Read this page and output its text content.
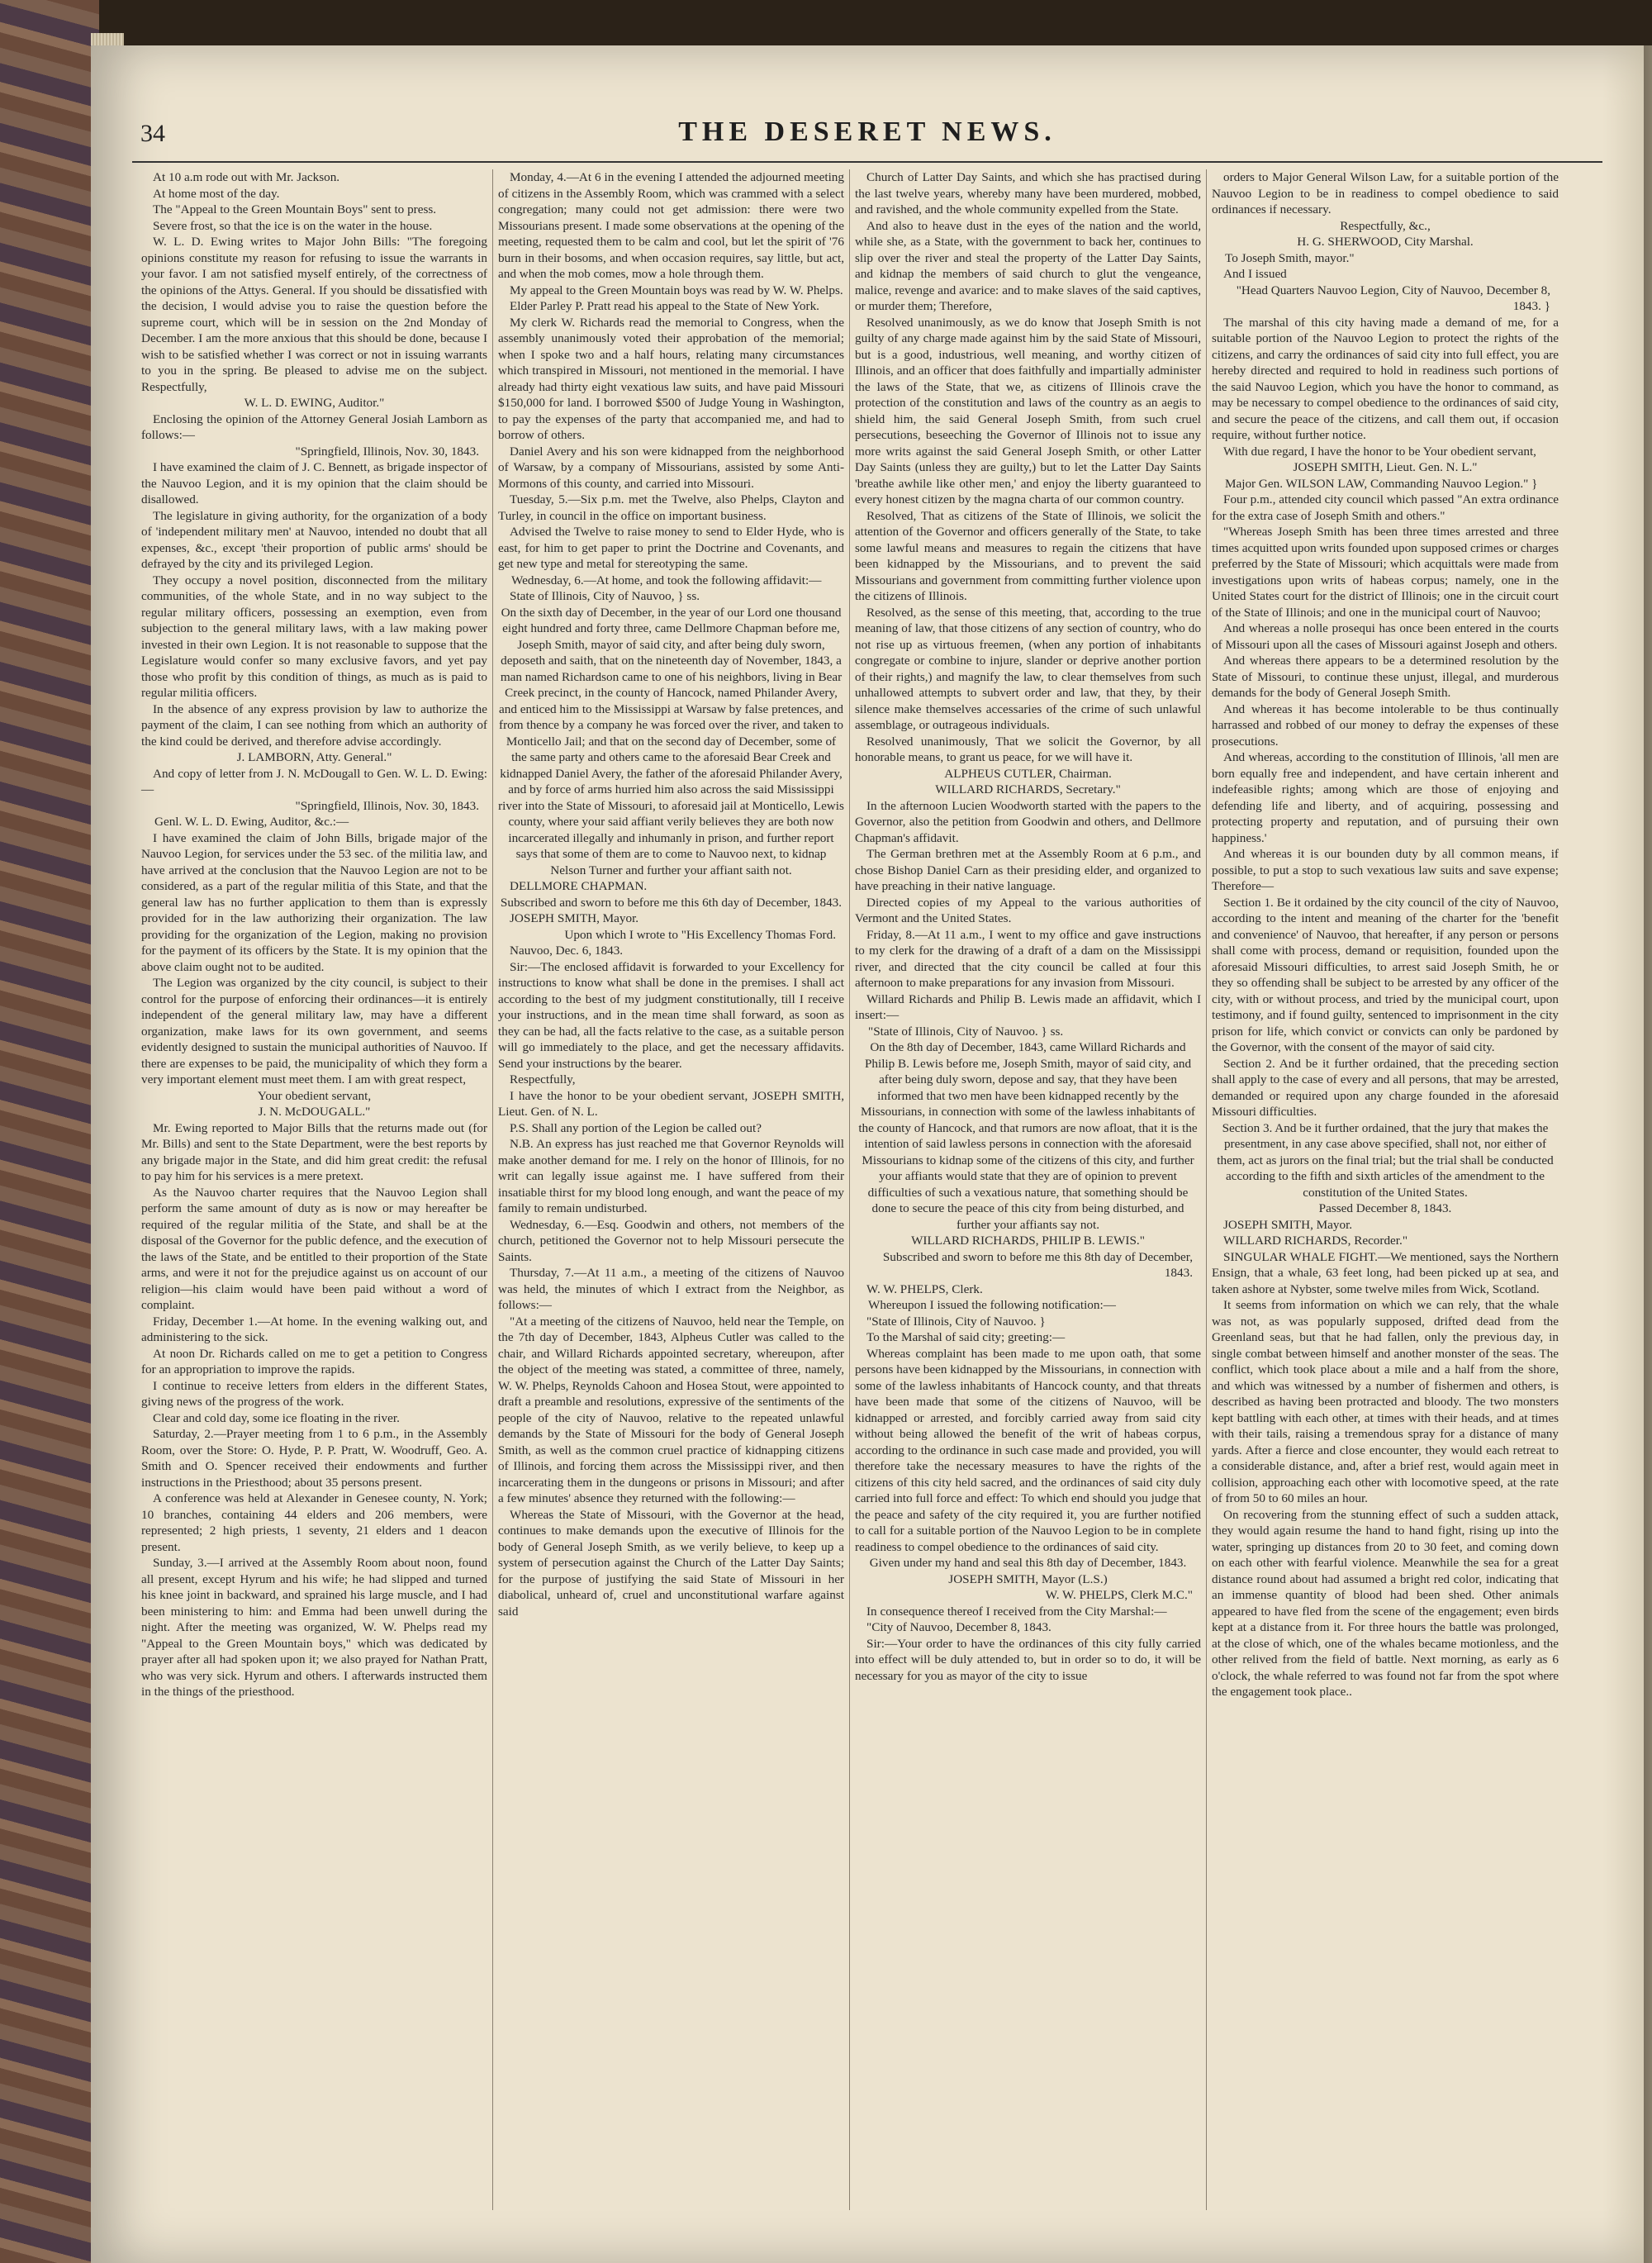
34	THE DESERET NEWS.

At 10 a.m rode out with Mr. Jackson.

At home most of the day.

The "Appeal to the Green Mountain Boys" sent to press.

Severe frost, so that the ice is on the water in the house.

W. L. D. Ewing writes to Major John Bills: "The foregoing opinions constitute my reason for refusing to issue the warrants in your favor. I am not satisfied myself entirely, of the correctness of the opinions of the Attys. General. If you should be dissatisfied with the decision, I would advise you to raise the question before the supreme court, which will be in session on the 2nd Monday of December. I am the more anxious that this should be done, because I wish to be satisfied whether I was correct or not in issuing warrants to you in the spring. Be pleased to advise me on the subject. Respectfully,

W. L. D. EWING, Auditor."

Enclosing the opinion of the Attorney General Josiah Lamborn as follows:—

"Springfield, Illinois, Nov. 30, 1843.

I have examined the claim of J. C. Bennett, as brigade inspector of the Nauvoo Legion, and it is my opinion that the claim should be disallowed.

The legislature in giving authority, for the organization of a body of 'independent military men' at Nauvoo, intended no doubt that all expenses, &c., except 'their proportion of public arms' should be defrayed by the city and its privileged Legion.

They occupy a novel position, disconnected from the military communities, of the whole State, and in no way subject to the regular military officers, possessing an exemption, even from subjection to the general military laws, with a law making power invested in their own Legion. It is not reasonable to suppose that the Legislature would confer so many exclusive favors, and yet pay those who profit by this condition of things, as much as is paid to regular militia officers.

In the absence of any express provision by law to authorize the payment of the claim, I can see nothing from which an authority of the kind could be derived, and therefore advise accordingly.

J. LAMBORN, Atty. General."

And copy of letter from J. N. McDougall to Gen. W. L. D. Ewing:—

"Springfield, Illinois, Nov. 30, 1843.

Genl. W. L. D. Ewing, Auditor, &c.:—

I have examined the claim of John Bills, brigade major of the Nauvoo Legion, for services under the 53 sec. of the militia law, and have arrived at the conclusion that the Nauvoo Legion are not to be considered, as a part of the regular militia of this State, and that the general law has no further application to them than is expressly provided for in the law authorizing their organization. The law providing for the organization of the Legion, making no provision for the payment of its officers by the State. It is my opinion that the above claim ought not to be audited.

The Legion was organized by the city council, is subject to their control for the purpose of enforcing their ordinances—it is entirely independent of the general military law, may have a different organization, make laws for its own government, and seems evidently designed to sustain the municipal authorities of Nauvoo. If there are expenses to be paid, the municipality of which they form a very important element must meet them. I am with great respect,

Your obedient servant,

J. N. McDOUGALL."

Mr. Ewing reported to Major Bills that the returns made out (for Mr. Bills) and sent to the State Department, were the best reports by any brigade major in the State, and did him great credit: the refusal to pay him for his services is a mere pretext.

As the Nauvoo charter requires that the Nauvoo Legion shall perform the same amount of duty as is now or may hereafter be required of the regular militia of the State, and shall be at the disposal of the Governor for the public defence, and the execution of the laws of the State, and be entitled to their proportion of the State arms, and were it not for the prejudice against us on account of our religion—his claim would have been paid without a word of complaint.

Friday, December 1.—At home. In the evening walking out, and administering to the sick.

At noon Dr. Richards called on me to get a petition to Congress for an appropriation to improve the rapids.

I continue to receive letters from elders in the different States, giving news of the progress of the work.

Clear and cold day, some ice floating in the river.

Saturday, 2.—Prayer meeting from 1 to 6 p.m., in the Assembly Room, over the Store: O. Hyde, P. P. Pratt, W. Woodruff, Geo. A. Smith and O. Spencer received their endowments and further instructions in the Priesthood; about 35 persons present.

A conference was held at Alexander in Genesee county, N. York; 10 branches, containing 44 elders and 206 members, were represented; 2 high priests, 1 seventy, 21 elders and 1 deacon present.

Sunday, 3.—I arrived at the Assembly Room about noon, found all present, except Hyrum and his wife; he had slipped and turned his knee joint in backward, and sprained his large muscle, and I had been ministering to him: and Emma had been unwell during the night. After the meeting was organized, W. W. Phelps read my "Appeal to the Green Mountain boys," which was dedicated by prayer after all had spoken upon it; we also prayed for Nathan Pratt, who was very sick. Hyrum and others. I afterwards instructed them in the things of the priesthood.

Monday, 4.—At 6 in the evening I attended the adjourned meeting of citizens in the Assembly Room, which was crammed with a select congregation; many could not get admission: there were two Missourians present. I made some observations at the opening of the meeting, requested them to be calm and cool, but let the spirit of '76 burn in their bosoms, and when occasion requires, say little, but act, and when the mob comes, mow a hole through them.

My appeal to the Green Mountain boys was read by W. W. Phelps.

Elder Parley P. Pratt read his appeal to the State of New York.

My clerk W. Richards read the memorial to Congress, when the assembly unanimously voted their approbation of the memorial; when I spoke two and a half hours, relating many circumstances which transpired in Missouri, not mentioned in the memorial. I have already had thirty eight vexatious law suits, and have paid Missouri $150,000 for land. I borrowed $500 of Judge Young in Washington, to pay the expenses of the party that accompanied me, and had to borrow of others.

Daniel Avery and his son were kidnapped from the neighborhood of Warsaw, by a company of Missourians, assisted by some Anti-Mormons of this county, and carried into Missouri.

Tuesday, 5.—Six p.m. met the Twelve, also Phelps, Clayton and Turley, in council in the office on important business.

Advised the Twelve to raise money to send to Elder Hyde, who is east, for him to get paper to print the Doctrine and Covenants, and get new type and metal for stereotyping the same.

Wednesday, 6.—At home, and took the following affidavit:—

State of Illinois, City of Nauvoo, } ss.

On the sixth day of December, in the year of our Lord one thousand eight hundred and forty three, came Dellmore Chapman before me, Joseph Smith, mayor of said city, and after being duly sworn, deposeth and saith, that on the nineteenth day of November, 1843, a man named Richardson came to one of his neighbors, living in Bear Creek precinct, in the county of Hancock, named Philander Avery, and enticed him to the Mississippi at Warsaw by false pretences, and from thence by a company he was forced over the river, and taken to Monticello Jail; and that on the second day of December, some of the same party and others came to the aforesaid Bear Creek and kidnapped Daniel Avery, the father of the aforesaid Philander Avery, and by force of arms hurried him also across the said Mississippi river into the State of Missouri, to aforesaid jail at Monticello, Lewis county, where your said affiant verily believes they are both now incarcerated illegally and inhumanly in prison, and further report says that some of them are to come to Nauvoo next, to kidnap Nelson Turner and further your affiant saith not.

DELLMORE CHAPMAN.

Subscribed and sworn to before me this 6th day of December, 1843.

JOSEPH SMITH, Mayor.

Upon which I wrote to "His Excellency Thomas Ford.

Nauvoo, Dec. 6, 1843.

Sir:—The enclosed affidavit is forwarded to your Excellency for instructions to know what shall be done in the premises. I shall act according to the best of my judgment constitutionally, till I receive your instructions, and in the mean time shall forward, as soon as they can be had, all the facts relative to the case, as a suitable person will go immediately to the place, and get the necessary affidavits. Send your instructions by the bearer.

Respectfully,

I have the honor to be your obedient servant, JOSEPH SMITH, Lieut. Gen. of N. L.

P.S. Shall any portion of the Legion be called out?

N.B. An express has just reached me that Governor Reynolds will make another demand for me. I rely on the honor of Illinois, for no writ can legally issue against me. I have suffered from their insatiable thirst for my blood long enough, and want the peace of my family to remain undisturbed.

Wednesday, 6.—Esq. Goodwin and others, not members of the church, petitioned the Governor not to help Missouri persecute the Saints.

Thursday, 7.—At 11 a.m., a meeting of the citizens of Nauvoo was held, the minutes of which I extract from the Neighbor, as follows:—

"At a meeting of the citizens of Nauvoo, held near the Temple, on the 7th day of December, 1843, Alpheus Cutler was called to the chair, and Willard Richards appointed secretary, whereupon, after the object of the meeting was stated, a committee of three, namely, W. W. Phelps, Reynolds Cahoon and Hosea Stout, were appointed to draft a preamble and resolutions, expressive of the sentiments of the people of the city of Nauvoo, relative to the repeated unlawful demands by the State of Missouri for the body of General Joseph Smith, as well as the common cruel practice of kidnapping citizens of Illinois, and forcing them across the Mississippi river, and then incarcerating them in the dungeons or prisons in Missouri; and after a few minutes' absence they returned with the following:—

Whereas the State of Missouri, with the Governor at the head, continues to make demands upon the executive of Illinois for the body of General Joseph Smith, as we verily believe, to keep up a system of persecution against the Church of the Latter Day Saints; for the purpose of justifying the said State of Missouri in her diabolical, unheard of, cruel and unconstitutional warfare against said

Church of Latter Day Saints, and which she has practised during the last twelve years, whereby many have been murdered, mobbed, and ravished, and the whole community expelled from the State.

And also to heave dust in the eyes of the nation and the world, while she, as a State, with the government to back her, continues to slip over the river and steal the property of the Latter Day Saints, and kidnap the members of said church to glut the vengeance, malice, revenge and avarice: and to make slaves of the said captives, or murder them; Therefore,

Resolved unanimously, as we do know that Joseph Smith is not guilty of any charge made against him by the said State of Missouri, but is a good, industrious, well meaning, and worthy citizen of Illinois, and an officer that does faithfully and impartially administer the laws of the State, that we, as citizens of Illinois crave the protection of the constitution and laws of the country as an aegis to shield him, the said General Joseph Smith, from such cruel persecutions, beseeching the Governor of Illinois not to issue any more writs against the said General Joseph Smith, or other Latter Day Saints (unless they are guilty,) but to let the Latter Day Saints 'breathe awhile like other men,' and enjoy the liberty guaranteed to every honest citizen by the magna charta of our common country.

Resolved, That as citizens of the State of Illinois, we solicit the attention of the Governor and officers generally of the State, to take some lawful means and measures to regain the citizens that have been kidnapped by the Missourians, and to prevent the said Missourians and government from committing further violence upon the citizens of Illinois.

Resolved, as the sense of this meeting, that, according to the true meaning of law, that those citizens of any section of country, who do not rise up as virtuous freemen, (when any portion of inhabitants congregate or combine to injure, slander or deprive another portion of their rights,) and magnify the law, to clear themselves from such unhallowed attempts to subvert order and law, that they, by their silence make themselves accessaries of the crime of such unlawful assemblage, or outrageous individuals.

Resolved unanimously, That we solicit the Governor, by all honorable means, to grant us peace, for we will have it.

ALPHEUS CUTLER, Chairman.

WILLARD RICHARDS, Secretary."

In the afternoon Lucien Woodworth started with the papers to the Governor, also the petition from Goodwin and others, and Dellmore Chapman's affidavit.

The German brethren met at the Assembly Room at 6 p.m., and chose Bishop Daniel Carn as their presiding elder, and organized to have preaching in their native language.

Directed copies of my Appeal to the various authorities of Vermont and the United States.

Friday, 8.—At 11 a.m., I went to my office and gave instructions to my clerk for the drawing of a draft of a dam on the Mississippi river, and directed that the city council be called at four this afternoon to make preparations for any invasion from Missouri.

Willard Richards and Philip B. Lewis made an affidavit, which I insert:—

"State of Illinois, City of Nauvoo. } ss.

On the 8th day of December, 1843, came Willard Richards and Philip B. Lewis before me, Joseph Smith, mayor of said city, and after being duly sworn, depose and say, that they have been informed that two men have been kidnapped recently by the Missourians, in connection with some of the lawless inhabitants of the county of Hancock, and that rumors are now afloat, that it is the intention of said lawless persons in connection with the aforesaid Missourians to kidnap some of the citizens of this city, and further your affiants would state that they are of opinion to prevent difficulties of such a vexatious nature, that something should be done to secure the peace of this city from being disturbed, and further your affiants say not.

WILLARD RICHARDS, PHILIP B. LEWIS."

Subscribed and sworn to before me this 8th day of December, 1843.

W. W. PHELPS, Clerk.

Whereupon I issued the following notification:—

"State of Illinois, City of Nauvoo. }

To the Marshal of said city; greeting:—

Whereas complaint has been made to me upon oath, that some persons have been kidnapped by the Missourians, in connection with some of the lawless inhabitants of Hancock county, and that threats have been made that some of the citizens of Nauvoo, will be kidnapped or arrested, and forcibly carried away from said city without being allowed the benefit of the writ of habeas corpus, according to the ordinance in such case made and provided, you will therefore take the necessary measures to have the rights of the citizens of this city held sacred, and the ordinances of said city duly carried into full force and effect: To which end should you judge that the peace and safety of the city required it, you are further notified to call for a suitable portion of the Nauvoo Legion to be in complete readiness to compel obedience to the ordinances of said city.

Given under my hand and seal this 8th day of December, 1843.

JOSEPH SMITH, Mayor (L.S.)

W. W. PHELPS, Clerk M.C."

In consequence thereof I received from the City Marshal:—

"City of Nauvoo, December 8, 1843.

Sir:—Your order to have the ordinances of this city fully carried into effect will be duly attended to, but in order so to do, it will be necessary for you as mayor of the city to issue

orders to Major General Wilson Law, for a suitable portion of the Nauvoo Legion to be in readiness to compel obedience to said ordinances if necessary.

Respectfully, &c.,

H. G. SHERWOOD, City Marshal.

To Joseph Smith, mayor."

And I issued

"Head Quarters Nauvoo Legion, City of Nauvoo, December 8, 1843. }

The marshal of this city having made a demand of me, for a suitable portion of the Nauvoo Legion to protect the rights of the citizens, and carry the ordinances of said city into full effect, you are hereby directed and required to hold in readiness such portions of the said Nauvoo Legion, which you have the honor to command, as may be necessary to compel obedience to the ordinances of said city, and secure the peace of the citizens, and call them out, if occasion require, without further notice.

With due regard, I have the honor to be Your obedient servant,

JOSEPH SMITH, Lieut. Gen. N. L."

Major Gen. WILSON LAW, Commanding Nauvoo Legion." }

Four p.m., attended city council which passed "An extra ordinance for the extra case of Joseph Smith and others."

"Whereas Joseph Smith has been three times arrested and three times acquitted upon writs founded upon supposed crimes or charges preferred by the State of Missouri; which acquittals were made from investigations upon writs of habeas corpus; namely, one in the United States court for the district of Illinois; one in the circuit court of the State of Illinois; and one in the municipal court of Nauvoo;

And whereas a nolle prosequi has once been entered in the courts of Missouri upon all the cases of Missouri against Joseph and others.

And whereas there appears to be a determined resolution by the State of Missouri, to continue these unjust, illegal, and murderous demands for the body of General Joseph Smith.

And whereas it has become intolerable to be thus continually harrassed and robbed of our money to defray the expenses of these prosecutions.

And whereas, according to the constitution of Illinois, 'all men are born equally free and independent, and have certain inherent and indefeasible rights; among which are those of enjoying and defending life and liberty, and of acquiring, possessing and protecting property and reputation, and of pursuing their own happiness.'

And whereas it is our bounden duty by all common means, if possible, to put a stop to such vexatious law suits and save expense; Therefore—

Section 1. Be it ordained by the city council of the city of Nauvoo, according to the intent and meaning of the charter for the 'benefit and convenience' of Nauvoo, that hereafter, if any person or persons shall come with process, demand or requisition, founded upon the aforesaid Missouri difficulties, to arrest said Joseph Smith, he or they so offending shall be subject to be arrested by any officer of the city, with or without process, and tried by the municipal court, upon testimony, and if found guilty, sentenced to imprisonment in the city prison for life, which convict or convicts can only be pardoned by the Governor, with the consent of the mayor of said city.

Section 2. And be it further ordained, that the preceding section shall apply to the case of every and all persons, that may be arrested, demanded or required upon any charge founded in the aforesaid Missouri difficulties.

Section 3. And be it further ordained, that the jury that makes the presentment, in any case above specified, shall not, nor either of them, act as jurors on the final trial; but the trial shall be conducted according to the fifth and sixth articles of the amendment to the constitution of the United States.

Passed December 8, 1843.

JOSEPH SMITH, Mayor.

WILLARD RICHARDS, Recorder."

SINGULAR WHALE FIGHT.—We mentioned, says the Northern Ensign, that a whale, 63 feet long, had been picked up at sea, and taken ashore at Nybster, some twelve miles from Wick, Scotland.

It seems from information on which we can rely, that the whale was not, as was popularly supposed, drifted dead from the Greenland seas, but that he had fallen, only the previous day, in single combat between himself and another monster of the seas. The conflict, which took place about a mile and a half from the shore, and which was witnessed by a number of fishermen and others, is described as having been protracted and bloody. The two monsters kept battling with each other, at times with their heads, and at times with their tails, raising a tremendous spray for a distance of many yards. After a fierce and close encounter, they would each retreat to a considerable distance, and, after a brief rest, would again meet in collision, approaching each other with locomotive speed, at the rate of from 50 to 60 miles an hour.

On recovering from the stunning effect of such a sudden attack, they would again resume the hand to hand fight, rising up into the water, springing up distances from 20 to 30 feet, and coming down on each other with fearful violence. Meanwhile the sea for a great distance round about had assumed a bright red color, indicating that an immense quantity of blood had been shed. Other animals appeared to have fled from the scene of the engagement; even birds kept at a distance from it. For three hours the battle was prolonged, at the close of which, one of the whales became motionless, and the other relived from the field of battle. Next morning, as early as 6 o'clock, the whale referred to was found not far from the spot where the engagement took place..
